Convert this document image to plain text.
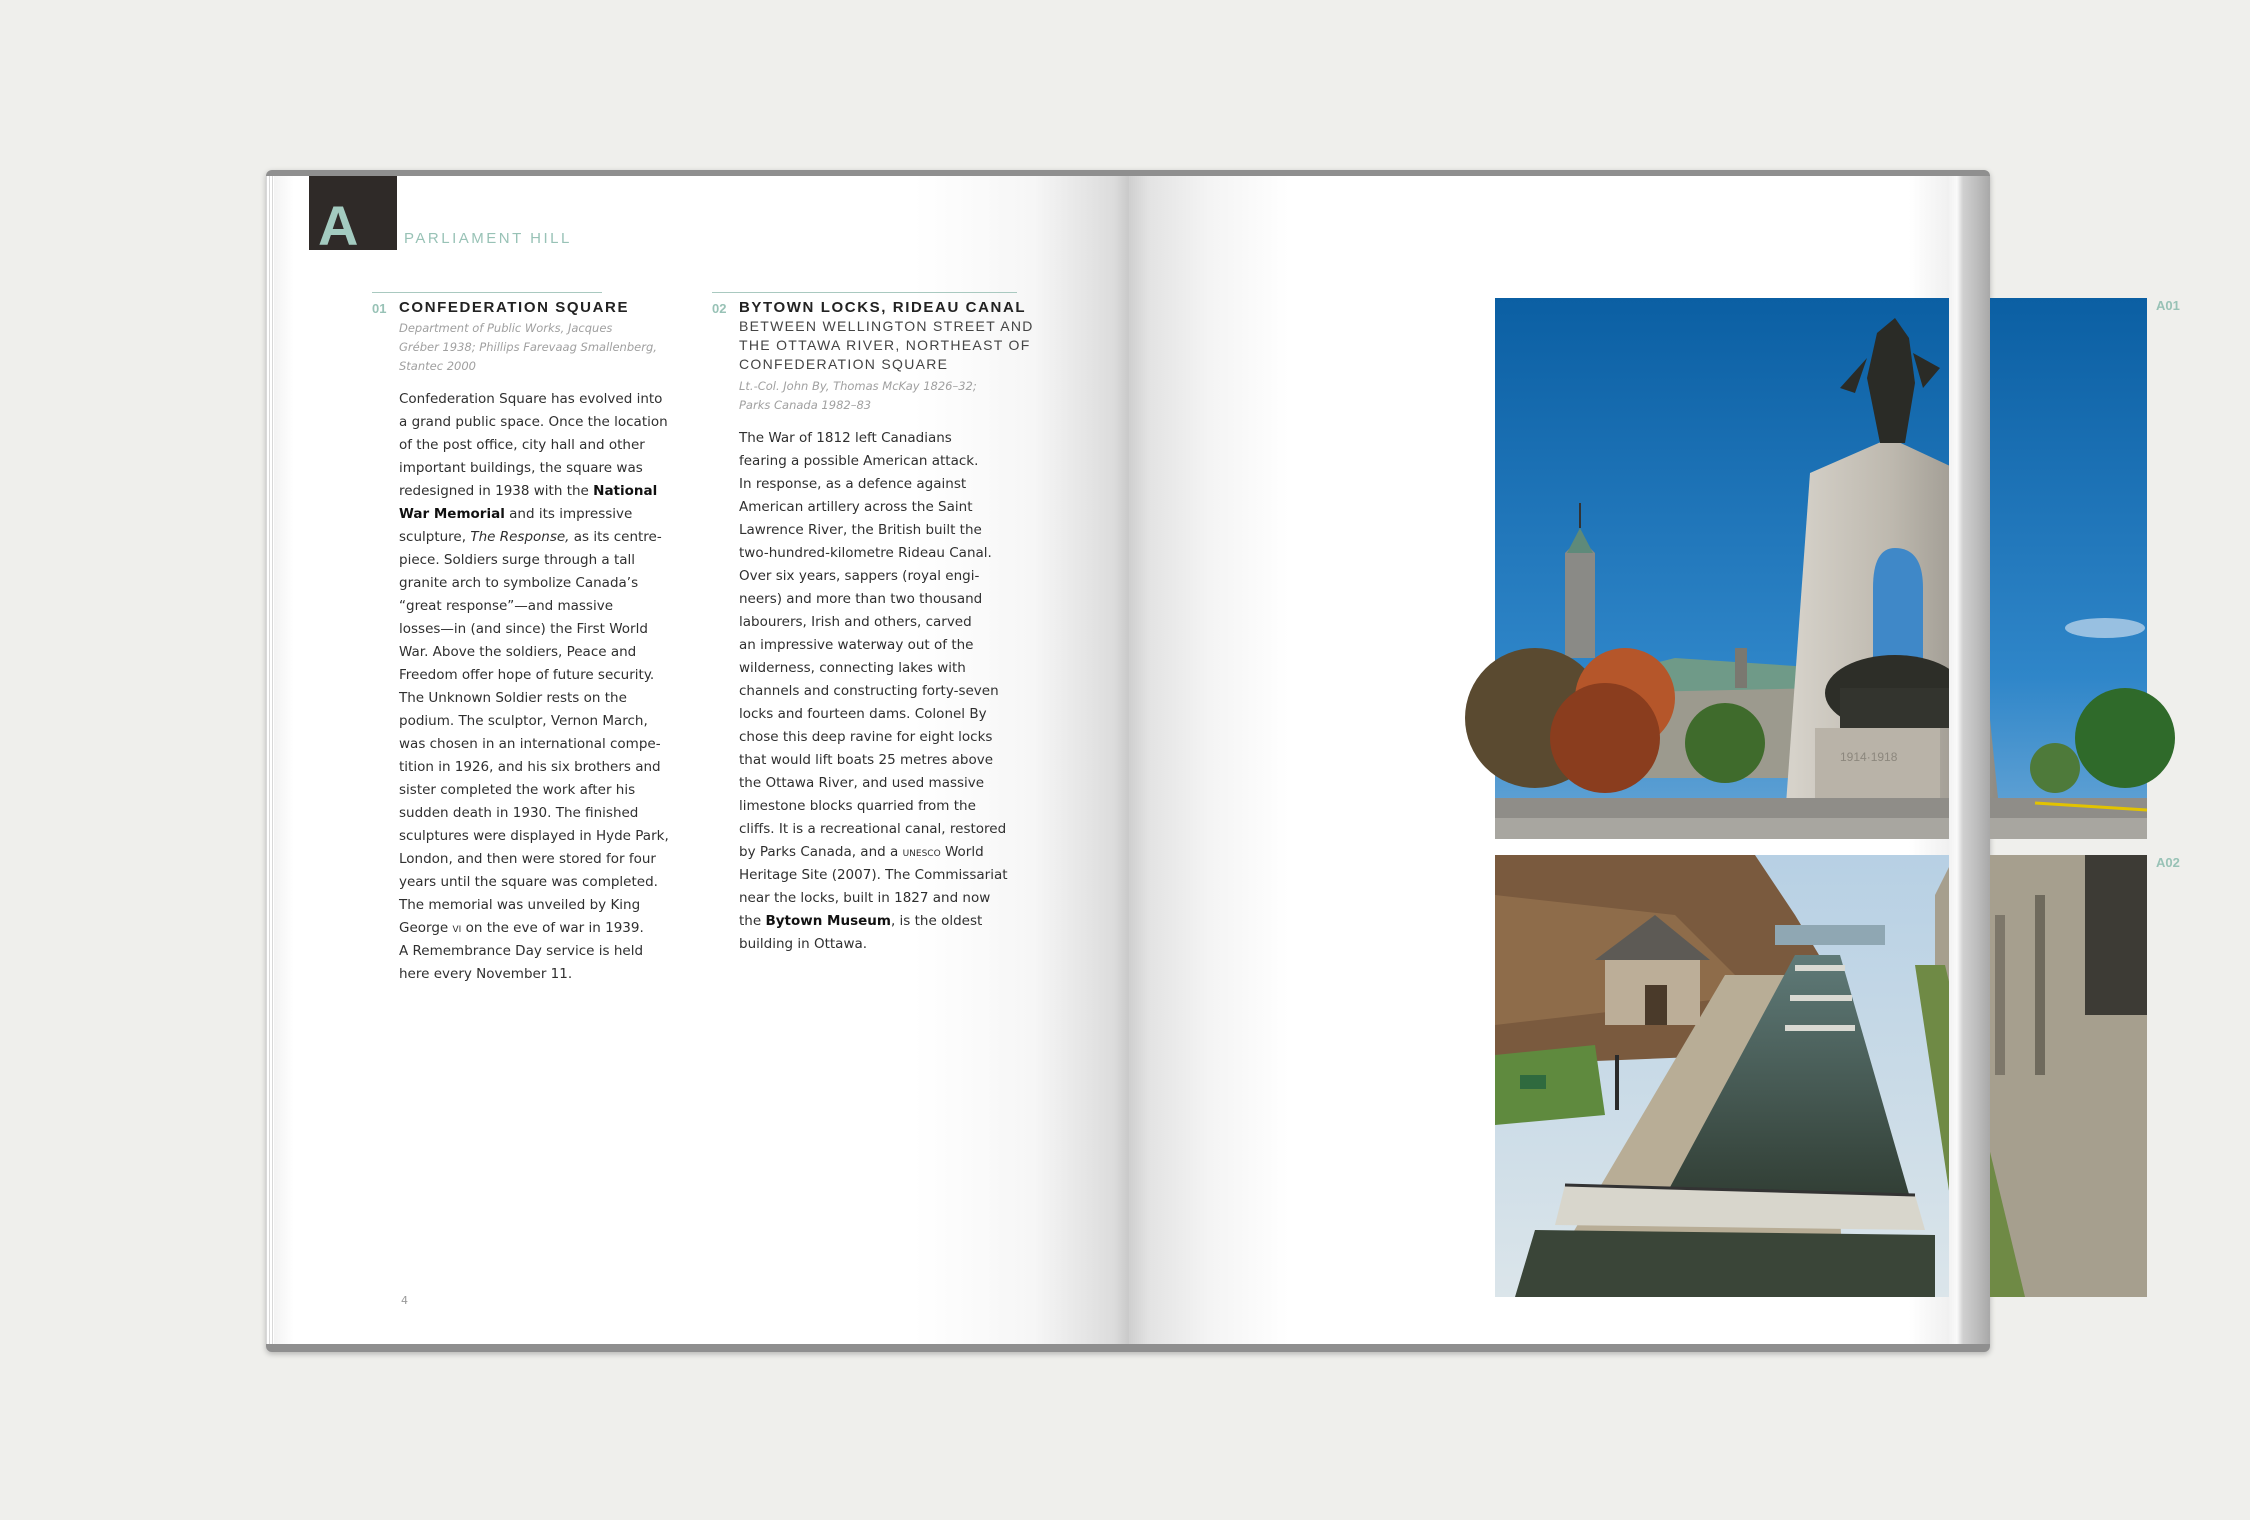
A	PARLIAMENT HILL
01 CONFEDERATION SQUARE
Department of Public Works, Jacques
Gréber 1938; Phillips Farevaag Smallenberg,
Stantec 2000
Confederation Square has evolved into
a grand public space. Once the location
of the post office, city hall and other
important buildings, the square was
redesigned in 1938 with the National
War Memorial and its impressive
sculpture, The Response, as its centre-
piece. Soldiers surge through a tall
granite arch to symbolize Canada’s
“great response”—and massive
losses—in (and since) the First World
War. Above the soldiers, Peace and
Freedom offer hope of future security.
The Unknown Soldier rests on the
podium. The sculptor, Vernon March,
was chosen in an international compe-
tition in 1926, and his six brothers and
sister completed the work after his
sudden death in 1930. The finished
sculptures were displayed in Hyde Park,
London, and then were stored for four
years until the square was completed.
The memorial was unveiled by King
George vi on the eve of war in 1939.
A Remembrance Day service is held
here every November 11.
02 BYTOWN LOCKS, RIDEAU CANAL
BETWEEN WELLINGTON STREET AND
THE OTTAWA RIVER, NORTHEAST OF
CONFEDERATION SQUARE
Lt.-Col. John By, Thomas McKay 1826–32;
Parks Canada 1982–83
The War of 1812 left Canadians
fearing a possible American attack.
In response, as a defence against
American artillery across the Saint
Lawrence River, the British built the
two-hundred-kilometre Rideau Canal.
Over six years, sappers (royal engi-
neers) and more than two thousand
labourers, Irish and others, carved
an impressive waterway out of the
wilderness, connecting lakes with
channels and constructing forty-seven
locks and fourteen dams. Colonel By
chose this deep ravine for eight locks
that would lift boats 25 metres above
the Ottawa River, and used massive
limestone blocks quarried from the
cliffs. It is a recreational canal, restored
by Parks Canada, and a unesco World
Heritage Site (2007). The Commissariat
near the locks, built in 1827 and now
the Bytown Museum, is the oldest
building in Ottawa.
4
1914·1918
A01
A02
